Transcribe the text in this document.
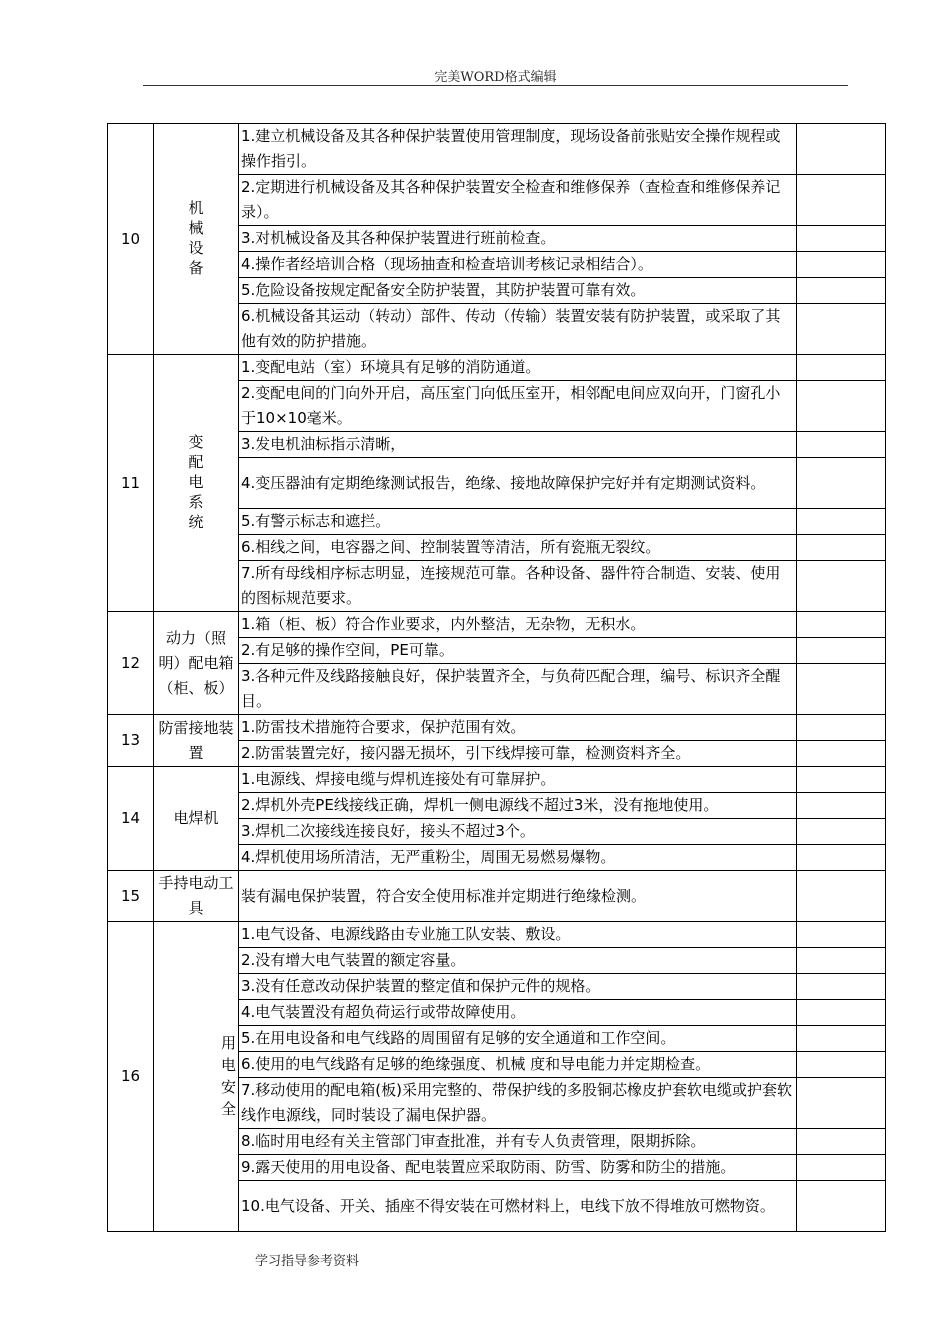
完美WORD格式编辑
10	机械设备	1.建立机械设备及其各种保护装置使用管理制度，现场设备前张贴安全操作规程或操作指引。	
		2.定期进行机械设备及其各种保护装置安全检查和维修保养（查检查和维修保养记录）。	
		3.对机械设备及其各种保护装置进行班前检查。	
		4.操作者经培训合格（现场抽查和检查培训考核记录相结合）。	
		5.危险设备按规定配备安全防护装置，其防护装置可靠有效。	
		6.机械设备其运动（转动）部件、传动（传输）装置安装有防护装置，或采取了其他有效的防护措施。	
11	变配电系统	1.变配电站（室）环境具有足够的消防通道。	
		2.变配电间的门向外开启，高压室门向低压室开，相邻配电间应双向开，门窗孔小于10×10毫米。	
		3.发电机油标指示清晰，	
		4.变压器油有定期绝缘测试报告，绝缘、接地故障保护完好并有定期测试资料。	
		5.有警示标志和遮拦。	
		6.相线之间，电容器之间、控制装置等清洁，所有瓷瓶无裂纹。	
		7.所有母线相序标志明显，连接规范可靠。各种设备、器件符合制造、安装、使用的图标规范要求。	
12	动力（照明）配电箱（柜、板）	1.箱（柜、板）符合作业要求，内外整洁，无杂物，无积水。	
		2.有足够的操作空间，PE可靠。	
		3.各种元件及线路接触良好，保护装置齐全，与负荷匹配合理，编号、标识齐全醒目。	
13	防雷接地装置	1.防雷技术措施符合要求，保护范围有效。	
		2.防雷装置完好，接闪器无损坏，引下线焊接可靠，检测资料齐全。	
14	电焊机	1.电源线、焊接电缆与焊机连接处有可靠屏护。	
		2.焊机外壳PE线接线正确，焊机一侧电源线不超过3米，没有拖地使用。	
		3.焊机二次接线连接良好，接头不超过3个。	
		4.焊机使用场所清洁，无严重粉尘，周围无易燃易爆物。	
15	手持电动工具	装有漏电保护装置，符合安全使用标准并定期进行绝缘检测。	
16	用电安全	1.电气设备、电源线路由专业施工队安装、敷设。	
		2.没有增大电气装置的额定容量。	
		3.没有任意改动保护装置的整定值和保护元件的规格。	
		4.电气装置没有超负荷运行或带故障使用。	
		5.在用电设备和电气线路的周围留有足够的安全通道和工作空间。	
		6.使用的电气线路有足够的绝缘强度、机械 度和导电能力并定期检查。	
		7.移动使用的配电箱(板)采用完整的、带保护线的多股铜芯橡皮护套软电缆或护套软线作电源线，同时装设了漏电保护器。	
		8.临时用电经有关主管部门审查批准，并有专人负责管理，限期拆除。	
		9.露天使用的用电设备、配电装置应采取防雨、防雪、防雾和防尘的措施。	
		10.电气设备、开关、插座不得安装在可燃材料上，电线下放不得堆放可燃物资。	
学习指导参考资料
